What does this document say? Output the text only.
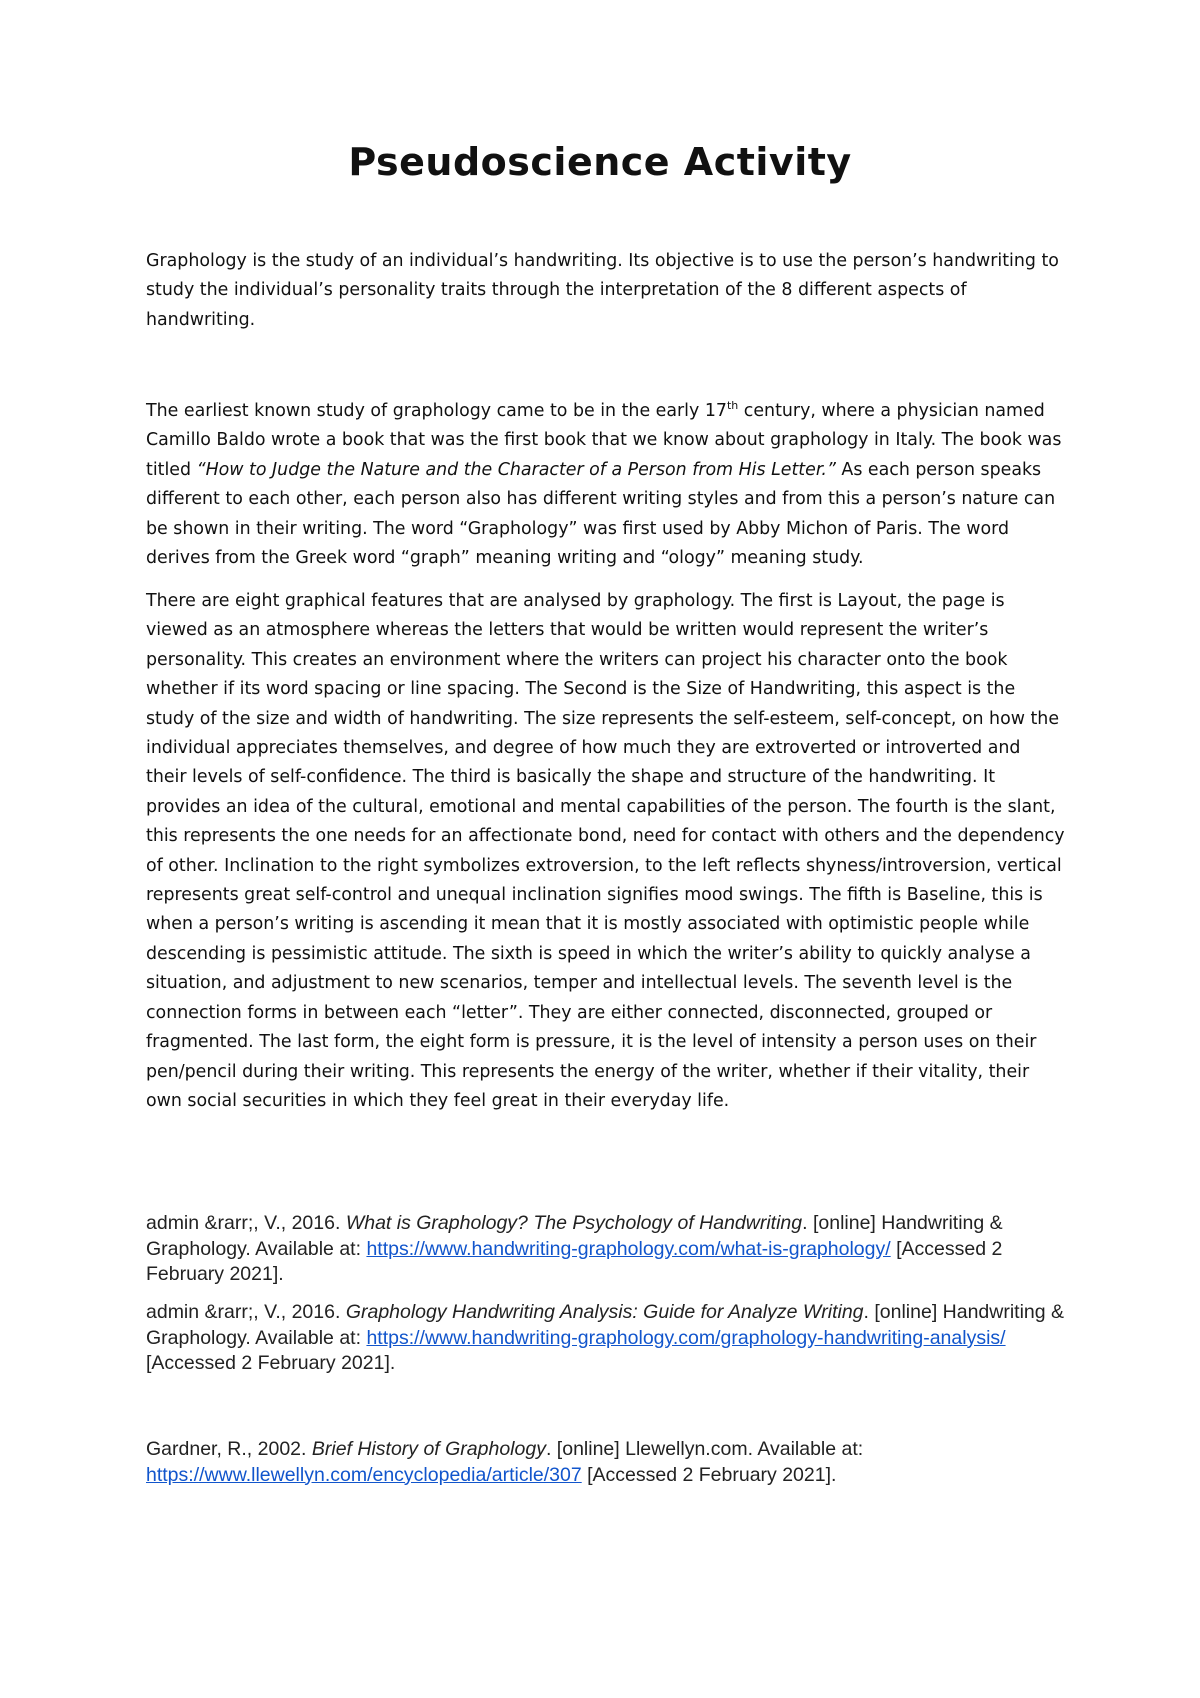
Pseudoscience Activity

Graphology is the study of an individual’s handwriting. Its objective is to use the person’s handwriting to study the individual’s personality traits through the interpretation of the 8 different aspects of handwriting.

The earliest known study of graphology came to be in the early 17th century, where a physician named Camillo Baldo wrote a book that was the first book that we know about graphology in Italy. The book was titled “How to Judge the Nature and the Character of a Person from His Letter.” As each person speaks different to each other, each person also has different writing styles and from this a person’s nature can be shown in their writing. The word “Graphology” was first used by Abby Michon of Paris. The word derives from the Greek word “graph” meaning writing and “ology” meaning study.

There are eight graphical features that are analysed by graphology. The first is Layout, the page is viewed as an atmosphere whereas the letters that would be written would represent the writer’s personality. This creates an environment where the writers can project his character onto the book whether if its word spacing or line spacing. The Second is the Size of Handwriting, this aspect is the study of the size and width of handwriting. The size represents the self-esteem, self-concept, on how the individual appreciates themselves, and degree of how much they are extroverted or introverted and their levels of self-confidence. The third is basically the shape and structure of the handwriting. It provides an idea of the cultural, emotional and mental capabilities of the person. The fourth is the slant, this represents the one needs for an affectionate bond, need for contact with others and the dependency of other. Inclination to the right symbolizes extroversion, to the left reflects shyness/introversion, vertical represents great self-control and unequal inclination signifies mood swings. The fifth is Baseline, this is when a person’s writing is ascending it mean that it is mostly associated with optimistic people while descending is pessimistic attitude. The sixth is speed in which the writer’s ability to quickly analyse a situation, and adjustment to new scenarios, temper and intellectual levels. The seventh level is the connection forms in between each “letter”. They are either connected, disconnected, grouped or fragmented. The last form, the eight form is pressure, it is the level of intensity a person uses on their pen/pencil during their writing. This represents the energy of the writer, whether if their vitality, their own social securities in which they feel great in their everyday life.

admin &rarr;, V., 2016. What is Graphology? The Psychology of Handwriting. [online] Handwriting & Graphology. Available at: https://www.handwriting-graphology.com/what-is-graphology/ [Accessed 2 February 2021].

admin &rarr;, V., 2016. Graphology Handwriting Analysis: Guide for Analyze Writing. [online] Handwriting & Graphology. Available at: https://www.handwriting-graphology.com/graphology-handwriting-analysis/ [Accessed 2 February 2021].

Gardner, R., 2002. Brief History of Graphology. [online] Llewellyn.com. Available at: https://www.llewellyn.com/encyclopedia/article/307 [Accessed 2 February 2021].
